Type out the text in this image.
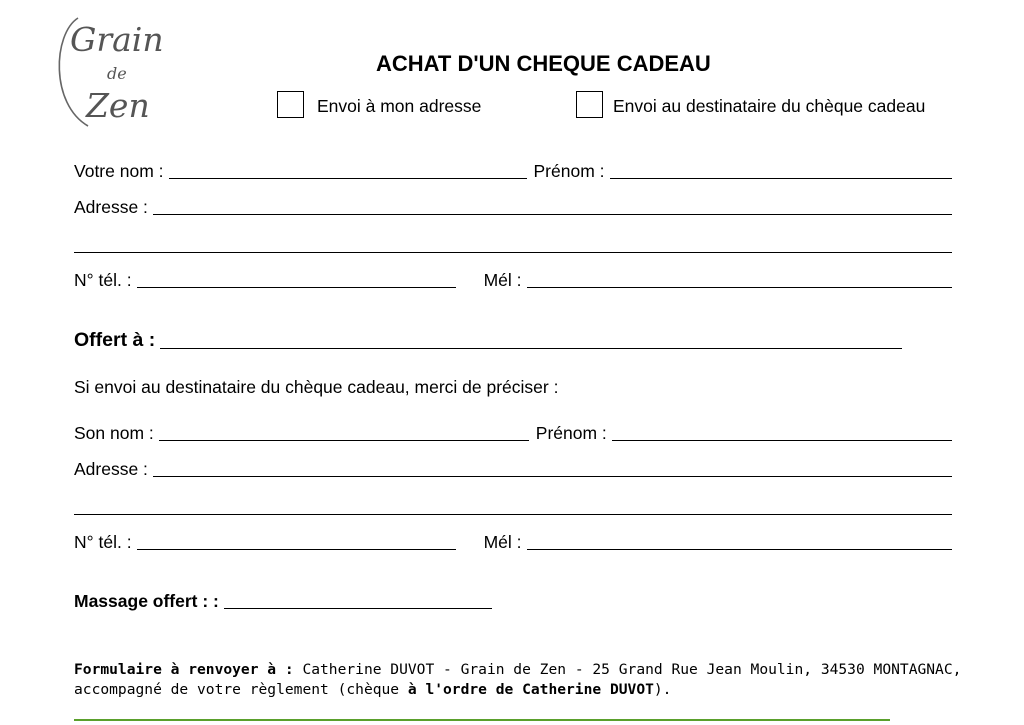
Grain
de
Zen
ACHAT D'UN CHEQUE CADEAU
Envoi à mon adresse	Envoi au destinataire du chèque cadeau
Votre nom :	Prénom :
Adresse :
N° tél. :	Mél :
Offert à :
Si envoi au destinataire du chèque cadeau, merci de préciser :
Son nom :	Prénom :
Adresse :
N° tél. :	Mél :
Massage offert : :
Formulaire à renvoyer à : Catherine DUVOT - Grain de Zen - 25 Grand Rue Jean Moulin, 34530 MONTAGNAC,
accompagné de votre règlement (chèque à l'ordre de Catherine DUVOT).
